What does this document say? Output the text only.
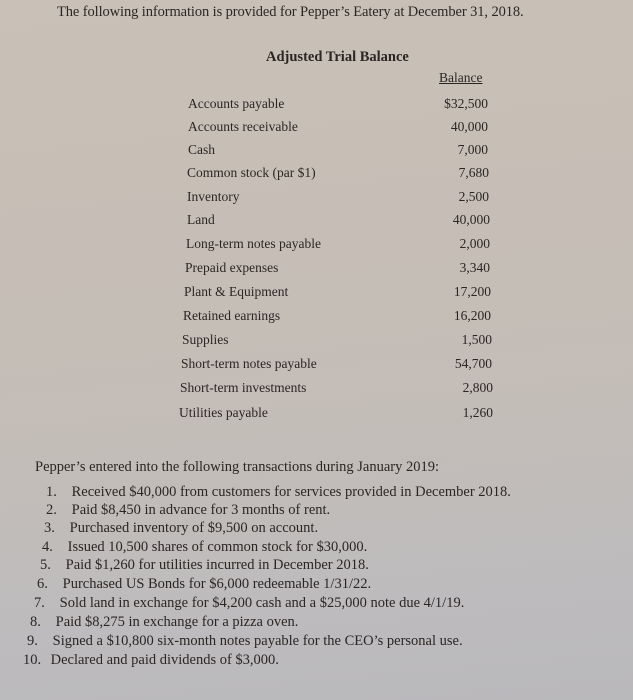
The following information is provided for Pepper’s Eatery at December 31, 2018.
Adjusted Trial Balance
Balance
Accounts payable	$32,500
Accounts receivable	40,000
Cash	7,000
Common stock (par $1)	7,680
Inventory	2,500
Land	40,000
Long-term notes payable	2,000
Prepaid expenses	3,340
Plant & Equipment	17,200
Retained earnings	16,200
Supplies	1,500
Short-term notes payable	54,700
Short-term investments	2,800
Utilities payable	1,260
Pepper’s entered into the following transactions during January 2019:
1. Received $40,000 from customers for services provided in December 2018.
2. Paid $8,450 in advance for 3 months of rent.
3. Purchased inventory of $9,500 on account.
4. Issued 10,500 shares of common stock for $30,000.
5. Paid $1,260 for utilities incurred in December 2018.
6. Purchased US Bonds for $6,000 redeemable 1/31/22.
7. Sold land in exchange for $4,200 cash and a $25,000 note due 4/1/19.
8. Paid $8,275 in exchange for a pizza oven.
9. Signed a $10,800 six-month notes payable for the CEO’s personal use.
10. Declared and paid dividends of $3,000.
